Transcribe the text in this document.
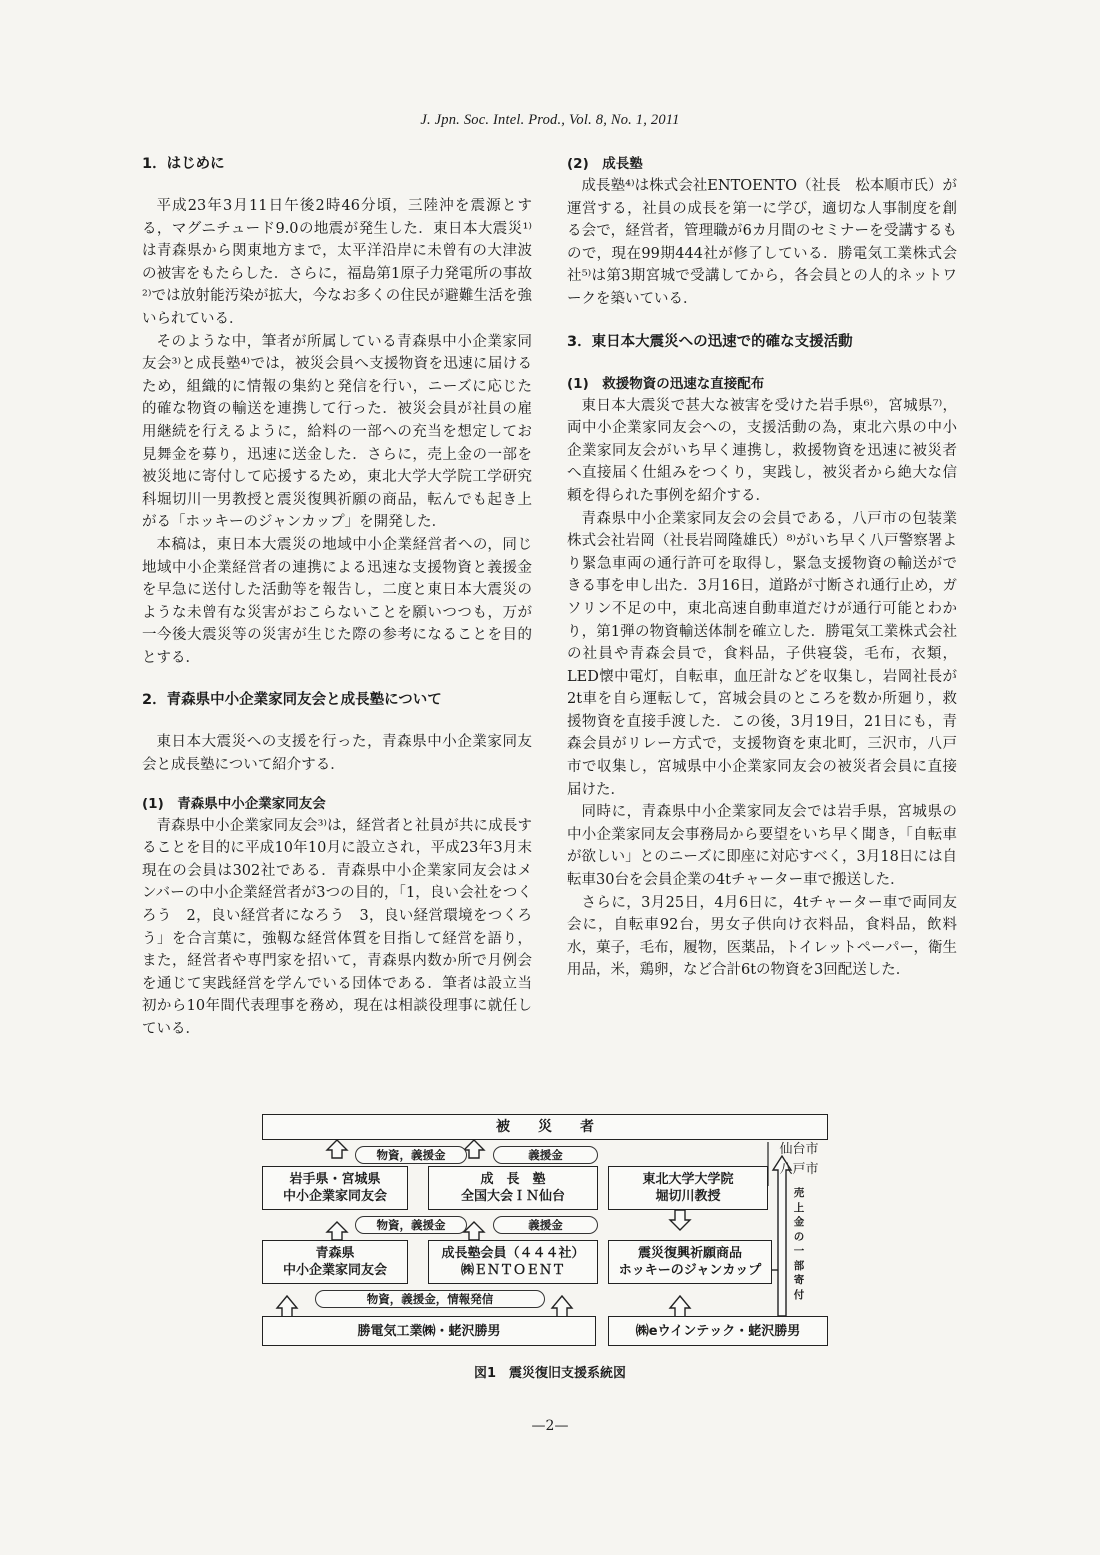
J. Jpn. Soc. Intel. Prod., Vol. 8, No. 1, 2011
1．はじめに

平成23年3月11日午後2時46分頃，三陸沖を震源とする，マグニチュード9.0の地震が発生した．東日本大震災¹⁾は青森県から関東地方まで，太平洋沿岸に未曾有の大津波の被害をもたらした．さらに，福島第1原子力発電所の事故²⁾では放射能汚染が拡大，今なお多くの住民が避難生活を強いられている．

そのような中，筆者が所属している青森県中小企業家同友会³⁾と成長塾⁴⁾では，被災会員へ支援物資を迅速に届けるため，組織的に情報の集約と発信を行い，ニーズに応じた的確な物資の輸送を連携して行った．被災会員が社員の雇用継続を行えるように，給料の一部への充当を想定してお見舞金を募り，迅速に送金した．さらに，売上金の一部を被災地に寄付して応援するため，東北大学大学院工学研究科堀切川一男教授と震災復興祈願の商品，転んでも起き上がる「ホッキーのジャンカップ」を開発した．

本稿は，東日本大震災の地域中小企業経営者への，同じ地域中小企業経営者の連携による迅速な支援物資と義援金を早急に送付した活動等を報告し，二度と東日本大震災のような未曾有な災害がおこらないことを願いつつも，万が一今後大震災等の災害が生じた際の参考になることを目的とする．

2．青森県中小企業家同友会と成長塾について

東日本大震災への支援を行った，青森県中小企業家同友会と成長塾について紹介する．

(1)　青森県中小企業家同友会

青森県中小企業家同友会³⁾は，経営者と社員が共に成長することを目的に平成10年10月に設立され，平成23年3月末現在の会員は302社である．青森県中小企業家同友会はメンバーの中小企業経営者が3つの目的，「1，良い会社をつくろう　2，良い経営者になろう　3，良い経営環境をつくろう」を合言葉に，強靱な経営体質を目指して経営を語り，また，経営者や専門家を招いて，青森県内数か所で月例会を通じて実践経営を学んでいる団体である．筆者は設立当初から10年間代表理事を務め，現在は相談役理事に就任している．

(2)　成長塾

成長塾⁴⁾は株式会社ENTOENTO（社長　松本順市氏）が運営する，社員の成長を第一に学び，適切な人事制度を創る会で，経営者，管理職が6カ月間のセミナーを受講するもので，現在99期444社が修了している．勝電気工業株式会社⁵⁾は第3期宮城で受講してから，各会員との人的ネットワークを築いている．

3．東日本大震災への迅速で的確な支援活動
(1)　救援物資の迅速な直接配布

東日本大震災で甚大な被害を受けた岩手県⁶⁾，宮城県⁷⁾，両中小企業家同友会への，支援活動の為，東北六県の中小企業家同友会がいち早く連携し，救援物資を迅速に被災者へ直接届く仕組みをつくり，実践し，被災者から絶大な信頼を得られた事例を紹介する．

青森県中小企業家同友会の会員である，八戸市の包装業株式会社岩岡（社長岩岡隆雄氏）⁸⁾がいち早く八戸警察署より緊急車両の通行許可を取得し，緊急支援物資の輸送ができる事を申し出た．3月16日，道路が寸断され通行止め，ガソリン不足の中，東北高速自動車道だけが通行可能とわかり，第1弾の物資輸送体制を確立した．勝電気工業株式会社の社員や青森会員で，食料品，子供寝袋，毛布，衣類，LED懐中電灯，自転車，血圧計などを収集し，岩岡社長が2t車を自ら運転して，宮城会員のところを数か所廻り，救援物資を直接手渡した．この後，3月19日，21日にも，青森会員がリレー方式で，支援物資を東北町，三沢市，八戸市で収集し，宮城県中小企業家同友会の被災者会員に直接届けた．

同時に，青森県中小企業家同友会では岩手県，宮城県の中小企業家同友会事務局から要望をいち早く聞き，「自転車が欲しい」とのニーズに即座に対応すべく，3月18日には自転車30台を会員企業の4tチャーター車で搬送した．

さらに，3月25日，4月6日に，4tチャーター車で両同友会に，自転車92台，男女子供向け衣料品，食料品，飲料水，菓子，毛布，履物，医薬品，トイレットペーパー，衛生用品，米，鶏卵，など合計6tの物資を3回配送した．

被　　災　　者
物資，義援金	義援金	仙台市
八戸市
岩手県・宮城県
中小企業家同友会
成　長　塾
全国大会ＩＮ仙台
東北大学大学院
堀切川教授
物資，義援金	義援金
青森県
中小企業家同友会
成長塾会員（４４４社）
㈱ＥＮＴＯＥＮＴ
震災復興祈願商品
ホッキーのジャンカップ
売上金の一部寄付
物資，義援金，情報発信
勝電気工業㈱・蛯沢勝男	㈱eウインテック・蛯沢勝男
図1　震災復旧支援系統図
—2—
